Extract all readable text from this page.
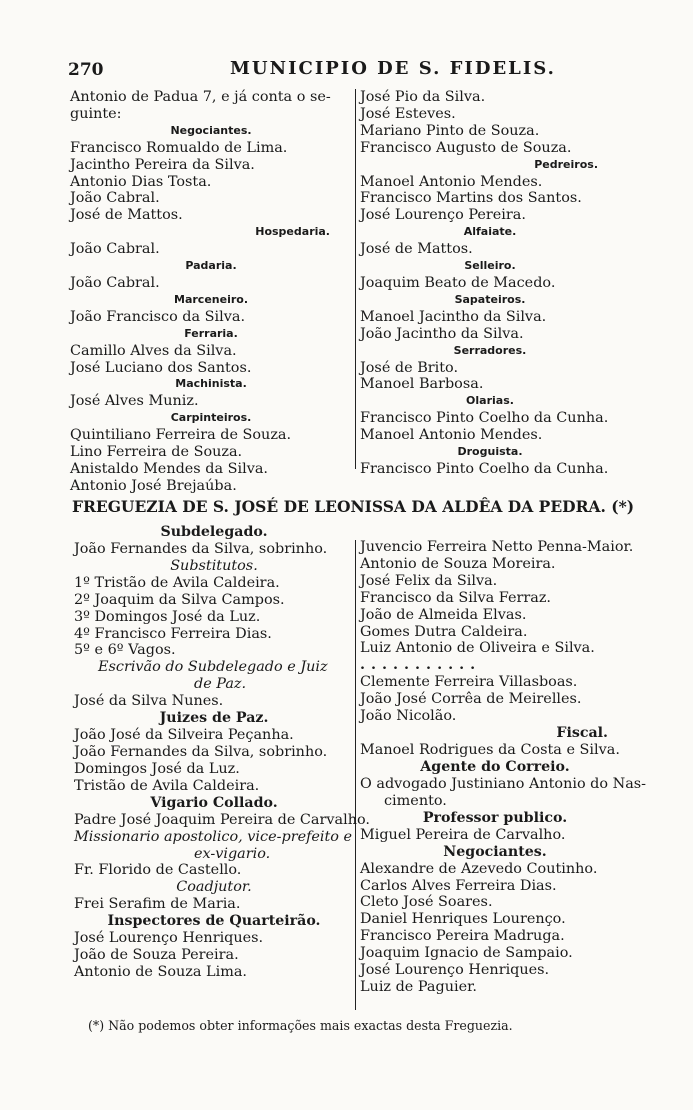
270	MUNICIPIO DE S. FIDELIS.
Antonio de Padua 7, e já conta o se-
guinte:
Negociantes.
Francisco Romualdo de Lima.
Jacintho Pereira da Silva.
Antonio Dias Tosta.
João Cabral.
José de Mattos.
Hospedaria.
João Cabral.
Padaria.
João Cabral.
Marceneiro.
João Francisco da Silva.
Ferraria.
Camillo Alves da Silva.
José Luciano dos Santos.
Machinista.
José Alves Muniz.
Carpinteiros.
Quintiliano Ferreira de Souza.
Lino Ferreira de Souza.
Anistaldo Mendes da Silva.
Antonio José Brejaúba.
José Pio da Silva.
José Esteves.
Mariano Pinto de Souza.
Francisco Augusto de Souza.
Pedreiros.
Manoel Antonio Mendes.
Francisco Martins dos Santos.
José Lourenço Pereira.
Alfaiate.
José de Mattos.
Selleiro.
Joaquim Beato de Macedo.
Sapateiros.
Manoel Jacintho da Silva.
João Jacintho da Silva.
Serradores.
José de Brito.
Manoel Barbosa.
Olarias.
Francisco Pinto Coelho da Cunha.
Manoel Antonio Mendes.
Droguista.
Francisco Pinto Coelho da Cunha.
FREGUEZIA DE S. JOSÉ DE LEONISSA DA ALDÊA DA PEDRA. (*)
Subdelegado.
João Fernandes da Silva, sobrinho.
Substitutos.
1º Tristão de Avila Caldeira.
2º Joaquim da Silva Campos.
3º Domingos José da Luz.
4º Francisco Ferreira Dias.
5º e 6º Vagos.
Escrivão do Subdelegado e Juiz
de Paz.
José da Silva Nunes.
Juizes de Paz.
João José da Silveira Peçanha.
João Fernandes da Silva, sobrinho.
Domingos José da Luz.
Tristão de Avila Caldeira.
Vigario Collado.
Padre José Joaquim Pereira de Carvalho.
Missionario apostolico, vice-prefeito e
ex-vigario.
Fr. Florido de Castello.
Coadjutor.
Frei Serafim de Maria.
Inspectores de Quarteirão.
José Lourenço Henriques.
João de Souza Pereira.
Antonio de Souza Lima.
Juvencio Ferreira Netto Penna-Maior.
Antonio de Souza Moreira.
José Felix da Silva.
Francisco da Silva Ferraz.
João de Almeida Elvas.
Gomes Dutra Caldeira.
Luiz Antonio de Oliveira e Silva.
...........
Clemente Ferreira Villasboas.
João José Corrêa de Meirelles.
João Nicolão.
Fiscal.
Manoel Rodrigues da Costa e Silva.
Agente do Correio.
O advogado Justiniano Antonio do Nas-
cimento.
Professor publico.
Miguel Pereira de Carvalho.
Negociantes.
Alexandre de Azevedo Coutinho.
Carlos Alves Ferreira Dias.
Cleto José Soares.
Daniel Henriques Lourenço.
Francisco Pereira Madruga.
Joaquim Ignacio de Sampaio.
José Lourenço Henriques.
Luiz de Paguier.
(*) Não podemos obter informações mais exactas desta Freguezia.
